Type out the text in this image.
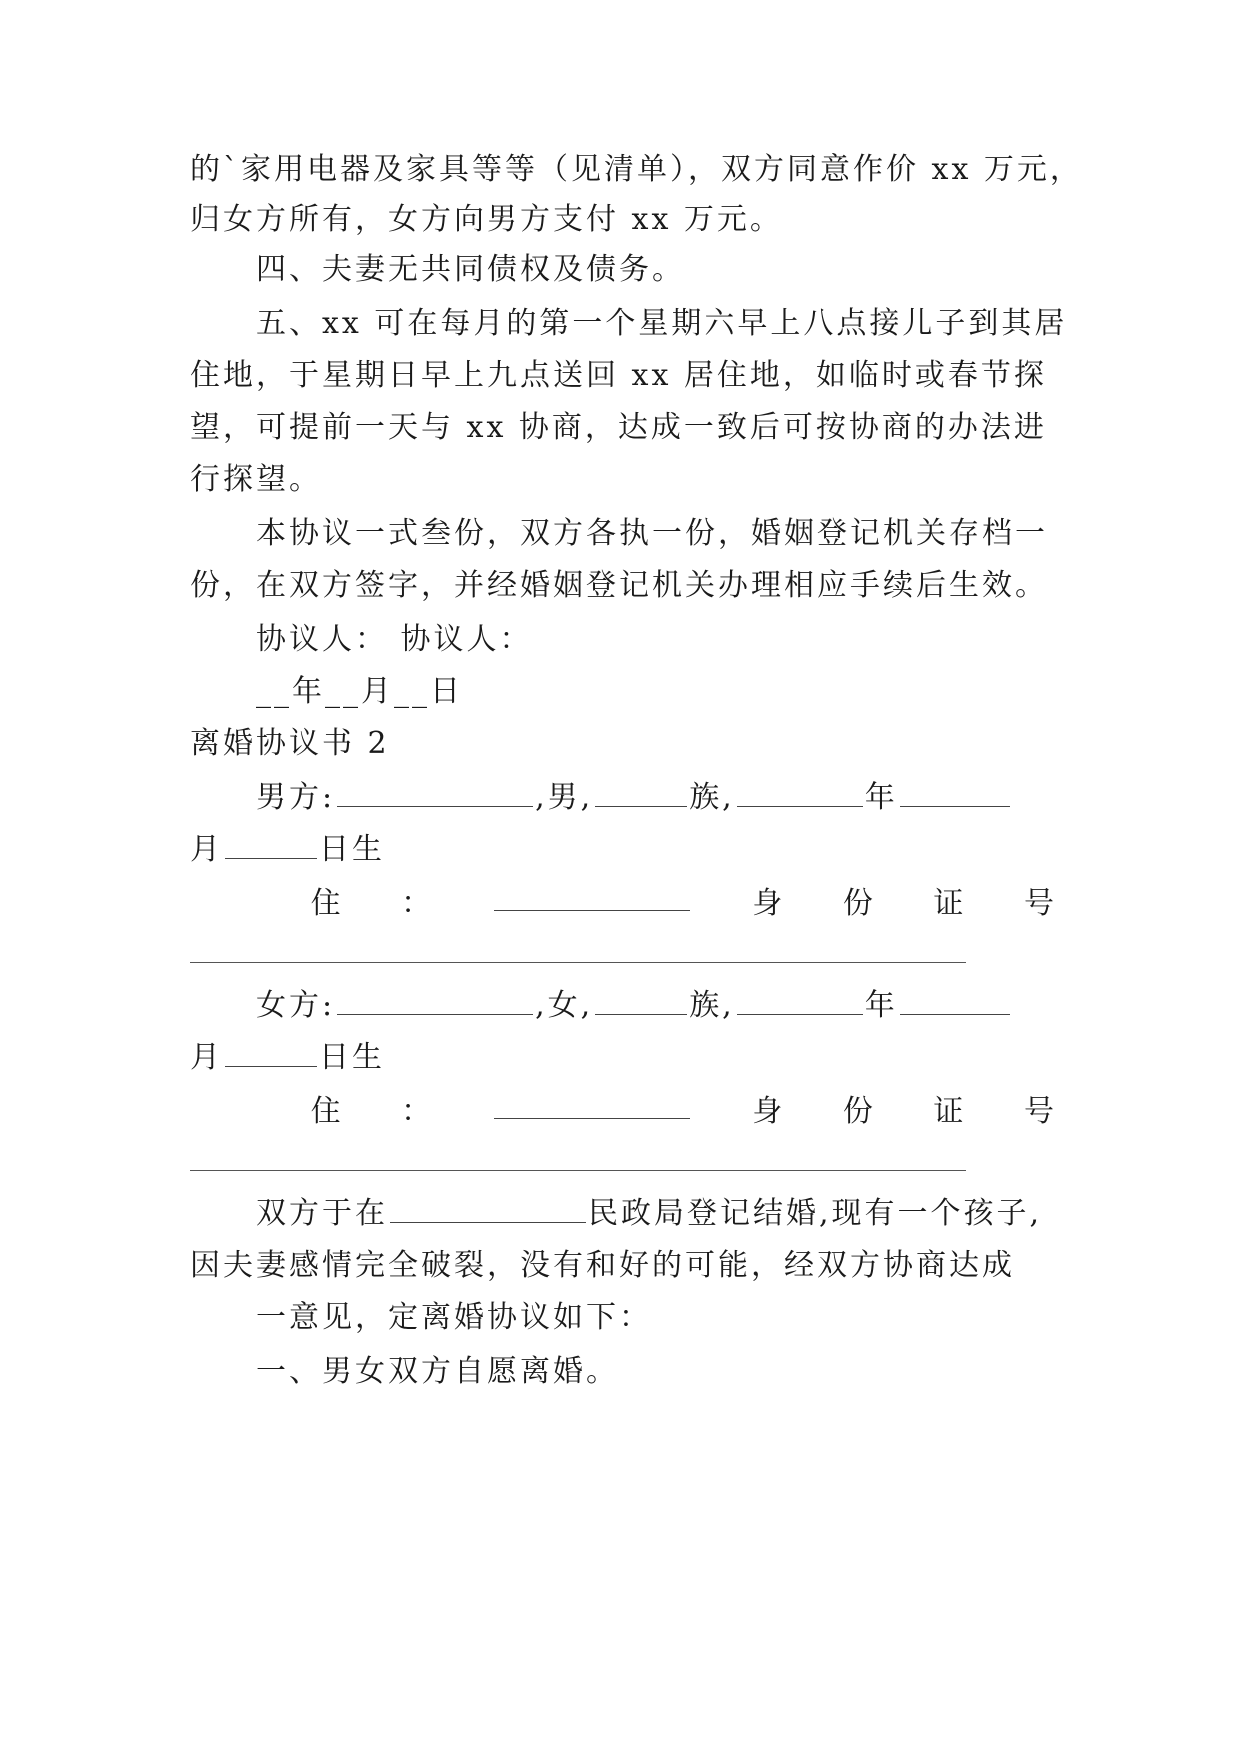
的`家用电器及家具等等（见清单），双方同意作价 xx 万元，
归女方所有，女方向男方支付 xx 万元。
四、夫妻无共同债权及债务。
五、xx 可在每月的第一个星期六早上八点接儿子到其居
住地，于星期日早上九点送回 xx 居住地，如临时或春节探
望，可提前一天与 xx 协商，达成一致后可按协商的办法进
行探望。
本协议一式叁份，双方各执一份，婚姻登记机关存档一
份，在双方签字，并经婚姻登记机关办理相应手续后生效。
协议人： 协议人：
__年__月__日
离婚协议书 2
男方:	,男,	族,	年
月	日生
住 ：	身 份 证 号
女方:	,女,	族,	年
月	日生
住 ：	身 份 证 号
双方于在	民政局登记结婚,现有一个孩子,
因夫妻感情完全破裂，没有和好的可能，经双方协商达成
一意见，定离婚协议如下：
一、男女双方自愿离婚。
